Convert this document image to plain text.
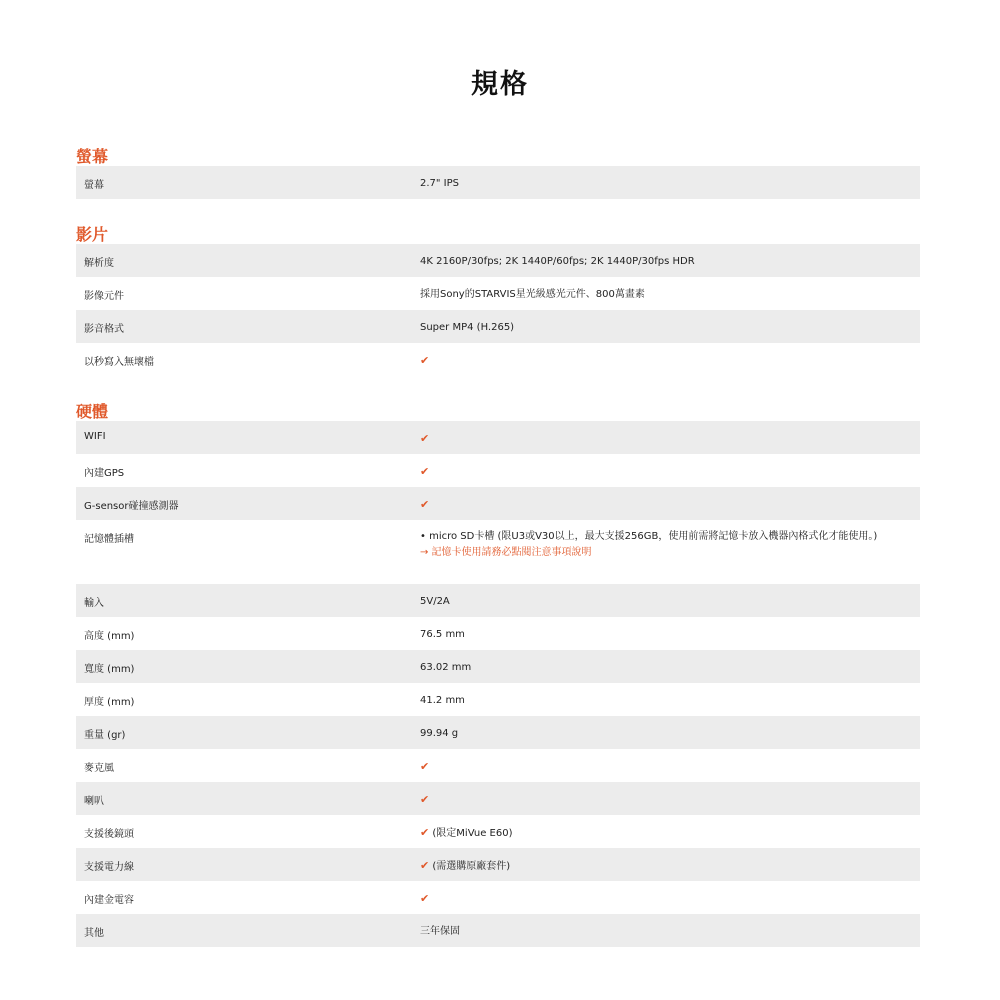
規格
螢幕
螢幕	2.7" IPS
影片
解析度	4K 2160P/30fps; 2K 1440P/60fps; 2K 1440P/30fps HDR
影像元件	採用Sony的STARVIS星光級感光元件、800萬畫素
影音格式	Super MP4 (H.265)
以秒寫入無壞檔	✔
硬體
WIFI	✔
內建GPS	✔
G-sensor碰撞感測器	✔
記憶體插槽	• micro SD卡槽 (限U3或V30以上，最大支援256GB，使用前需將記憶卡放入機器內格式化才能使用。)
→ 記憶卡使用請務必點閱注意事項說明
輸入	5V/2A
高度 (mm)	76.5 mm
寬度 (mm)	63.02 mm
厚度 (mm)	41.2 mm
重量 (gr)	99.94 g
麥克風	✔
喇叭	✔
支援後鏡頭	✔ (限定MiVue E60)
支援電力線	✔ (需選購原廠套件)
內建金電容	✔
其他	三年保固
